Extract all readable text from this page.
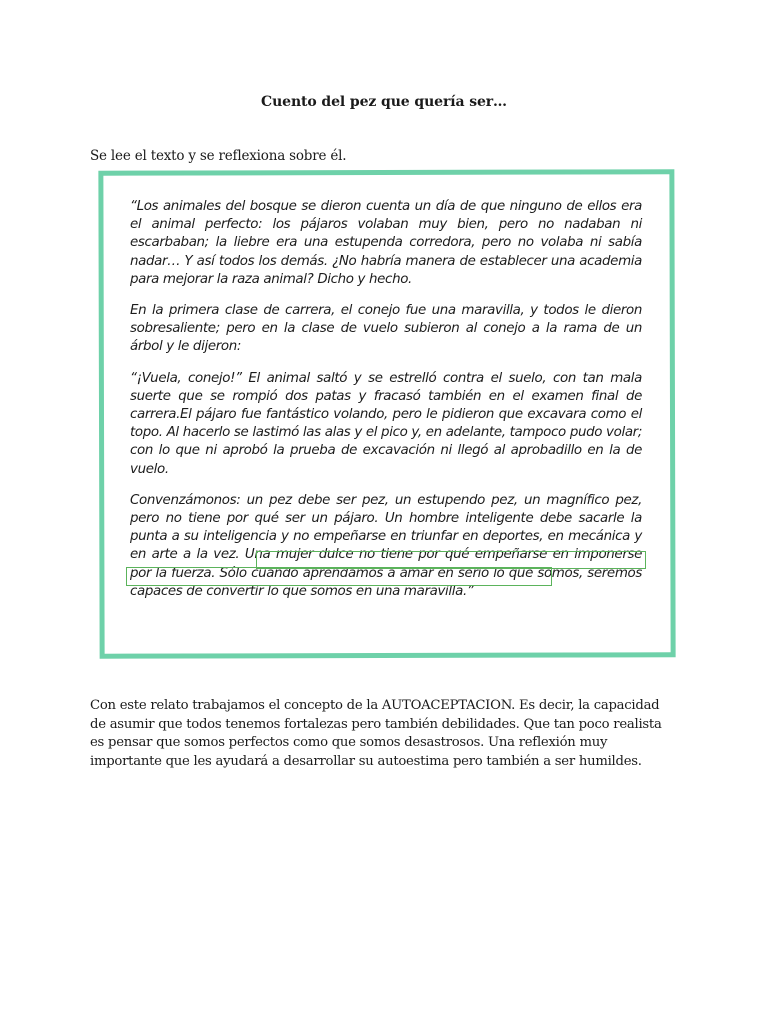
Cuento del pez que quería ser…
Se lee el texto y se reflexiona sobre él.

“Los animales del bosque se dieron cuenta un día de que ninguno de ellos era el animal perfecto: los pájaros volaban muy bien, pero no nadaban ni escarbaban; la liebre era una estupenda corredora, pero no volaba ni sabía nadar… Y así todos los demás. ¿No habría manera de establecer una academia para mejorar la raza animal? Dicho y hecho.

En la primera clase de carrera, el conejo fue una maravilla, y todos le dieron sobresaliente; pero en la clase de vuelo subieron al conejo a la rama de un árbol y le dijeron:

“¡Vuela, conejo!” El animal saltó y se estrelló contra el suelo, con tan mala suerte que se rompió dos patas y fracasó también en el examen final de carrera.El pájaro fue fantástico volando, pero le pidieron que excavara como el topo. Al hacerlo se lastimó las alas y el pico y, en adelante, tampoco pudo volar; con lo que ni aprobó la prueba de excavación ni llegó al aprobadillo en la de vuelo.

Convenzámonos: un pez debe ser pez, un estupendo pez, un magnífico pez, pero no tiene por qué ser un pájaro. Un hombre inteligente debe sacarle la punta a su inteligencia y no empeñarse en triunfar en deportes, en mecánica y en arte a la vez. Una mujer dulce no tiene por qué empeñarse en imponerse por la fuerza. Sólo cuando aprendamos a amar en serio lo que somos, seremos capaces de convertir lo que somos en una maravilla.”

Con este relato trabajamos el concepto de la AUTOACEPTACION. Es decir, la capacidad de asumir que todos tenemos fortalezas pero también debilidades. Que tan poco realista es pensar que somos perfectos como que somos desastrosos. Una reflexión muy importante que les ayudará a desarrollar su autoestima pero también a ser humildes.
